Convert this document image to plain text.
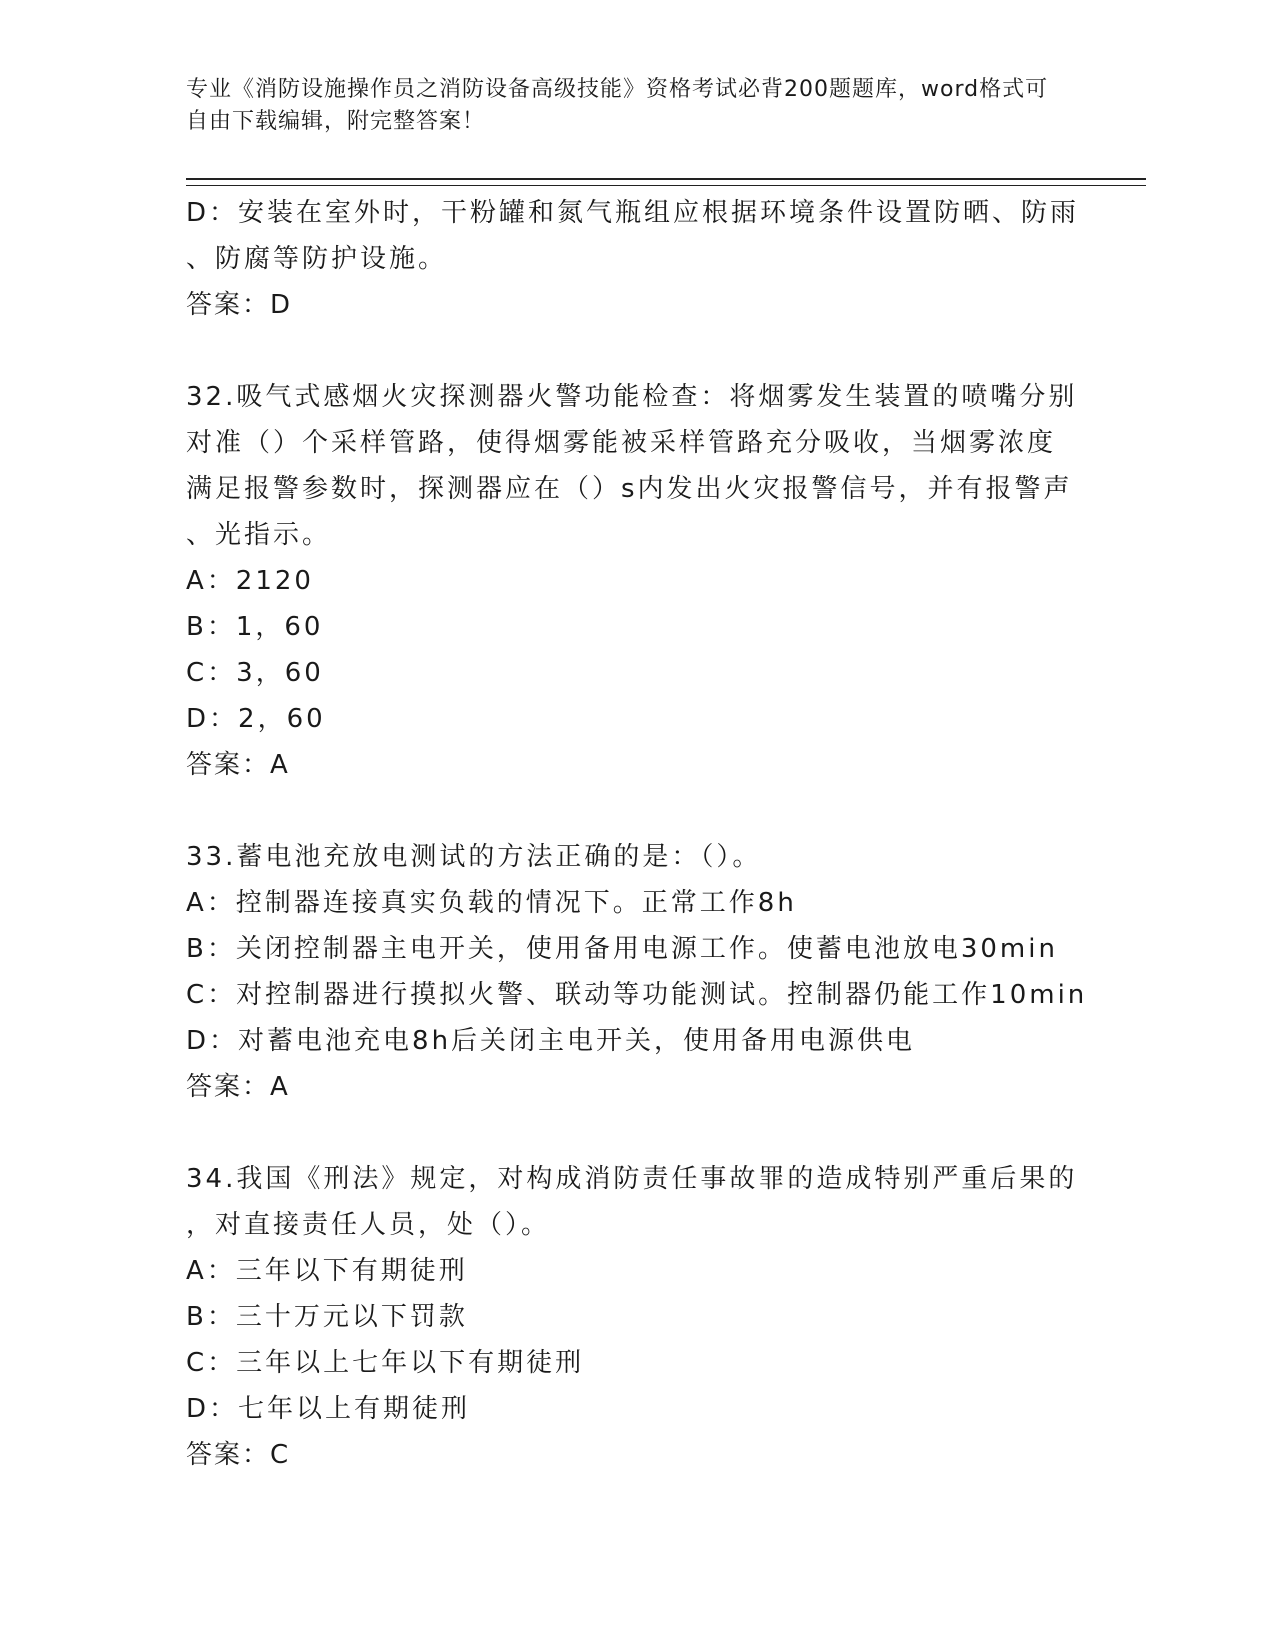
专业《消防设施操作员之消防设备高级技能》资格考试必背200题题库，word格式可自由下载编辑，附完整答案！
D：安装在室外时，干粉罐和氮气瓶组应根据环境条件设置防晒、防雨
、防腐等防护设施。
答案：D
32.吸气式感烟火灾探测器火警功能检查：将烟雾发生装置的喷嘴分别
对准（）个采样管路，使得烟雾能被采样管路充分吸收，当烟雾浓度
满足报警参数时，探测器应在（）s内发出火灾报警信号，并有报警声
、光指示。
A：2120
B：1，60
C：3，60
D：2，60
答案：A
33.蓄电池充放电测试的方法正确的是：（）。
A：控制器连接真实负载的情况下。正常工作8h
B：关闭控制器主电开关，使用备用电源工作。使蓄电池放电30min
C：对控制器进行摸拟火警、联动等功能测试。控制器仍能工作10min
D：对蓄电池充电8h后关闭主电开关，使用备用电源供电
答案：A
34.我国《刑法》规定，对构成消防责任事故罪的造成特别严重后果的
，对直接责任人员，处（）。
A：三年以下有期徒刑
B：三十万元以下罚款
C：三年以上七年以下有期徒刑
D：七年以上有期徒刑
答案：C
